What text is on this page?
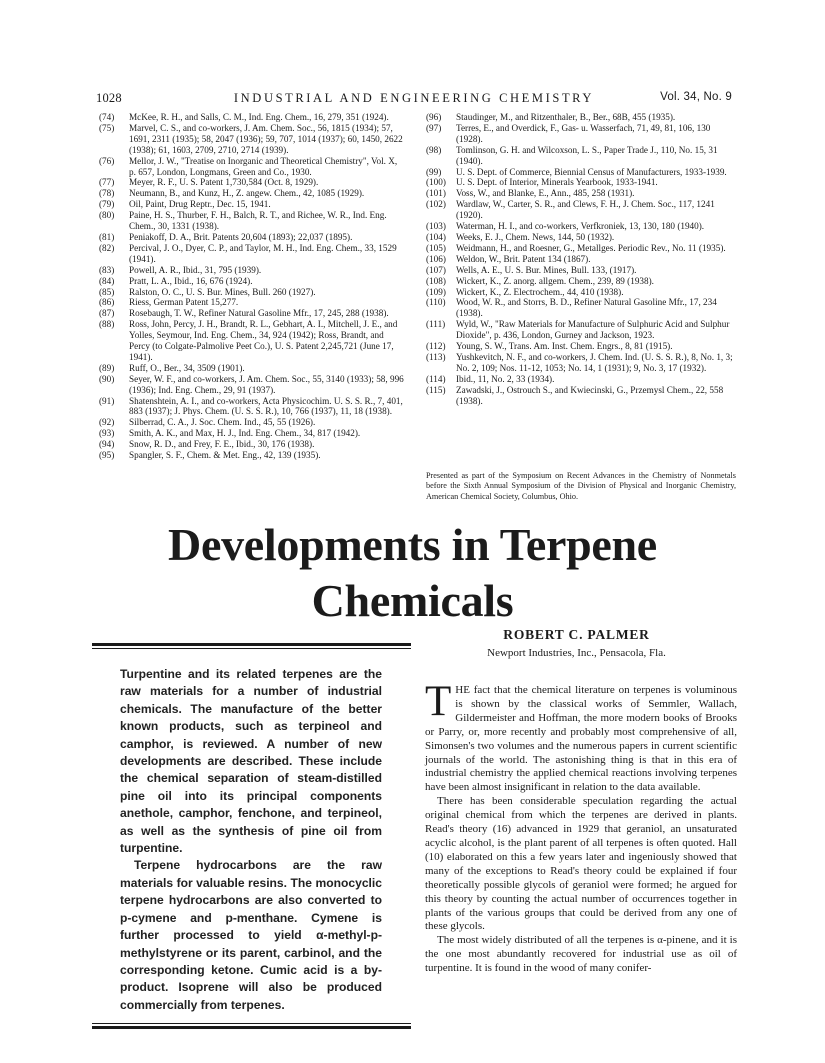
1028	INDUSTRIAL AND ENGINEERING CHEMISTRY	Vol. 34, No. 9

(74) McKee, R. H., and Salls, C. M., Ind. Eng. Chem., 16, 279, 351 (1924).

(75) Marvel, C. S., and co-workers, J. Am. Chem. Soc., 56, 1815 (1934); 57, 1691, 2311 (1935); 58, 2047 (1936); 59, 707, 1014 (1937); 60, 1450, 2622 (1938); 61, 1603, 2709, 2710, 2714 (1939).

(76) Mellor, J. W., "Treatise on Inorganic and Theoretical Chemistry", Vol. X, p. 657, London, Longmans, Green and Co., 1930.

(77) Meyer, R. F., U. S. Patent 1,730,584 (Oct. 8, 1929).

(78) Neumann, B., and Kunz, H., Z. angew. Chem., 42, 1085 (1929).

(79) Oil, Paint, Drug Reptr., Dec. 15, 1941.

(80) Paine, H. S., Thurber, F. H., Balch, R. T., and Richee, W. R., Ind. Eng. Chem., 30, 1331 (1938).

(81) Peniakoff, D. A., Brit. Patents 20,604 (1893); 22,037 (1895).

(82) Percival, J. O., Dyer, C. P., and Taylor, M. H., Ind. Eng. Chem., 33, 1529 (1941).

(83) Powell, A. R., Ibid., 31, 795 (1939).

(84) Pratt, L. A., Ibid., 16, 676 (1924).

(85) Ralston, O. C., U. S. Bur. Mines, Bull. 260 (1927).

(86) Riess, German Patent 15,277.

(87) Rosebaugh, T. W., Refiner Natural Gasoline Mfr., 17, 245, 288 (1938).

(88) Ross, John, Percy, J. H., Brandt, R. L., Gebhart, A. I., Mitchell, J. E., and Yolles, Seymour, Ind. Eng. Chem., 34, 924 (1942); Ross, Brandt, and Percy (to Colgate-Palmolive Peet Co.), U. S. Patent 2,245,721 (June 17, 1941).

(89) Ruff, O., Ber., 34, 3509 (1901).

(90) Seyer, W. F., and co-workers, J. Am. Chem. Soc., 55, 3140 (1933); 58, 996 (1936); Ind. Eng. Chem., 29, 91 (1937).

(91) Shatenshtein, A. I., and co-workers, Acta Physicochim. U. S. S. R., 7, 401, 883 (1937); J. Phys. Chem. (U. S. S. R.), 10, 766 (1937), 11, 18 (1938).

(92) Silberrad, C. A., J. Soc. Chem. Ind., 45, 55 (1926).

(93) Smith, A. K., and Max, H. J., Ind. Eng. Chem., 34, 817 (1942).

(94) Snow, R. D., and Frey, F. E., Ibid., 30, 176 (1938).

(95) Spangler, S. F., Chem. & Met. Eng., 42, 139 (1935).

(96) Staudinger, M., and Ritzenthaler, B., Ber., 68B, 455 (1935).

(97) Terres, E., and Overdick, F., Gas- u. Wasserfach, 71, 49, 81, 106, 130 (1928).

(98) Tomlinson, G. H. and Wilcoxson, L. S., Paper Trade J., 110, No. 15, 31 (1940).

(99) U. S. Dept. of Commerce, Biennial Census of Manufacturers, 1933-1939.

(100) U. S. Dept. of Interior, Minerals Yearbook, 1933-1941.

(101) Voss, W., and Blanke, E., Ann., 485, 258 (1931).

(102) Wardlaw, W., Carter, S. R., and Clews, F. H., J. Chem. Soc., 117, 1241 (1920).

(103) Waterman, H. I., and co-workers, Verfkroniek, 13, 130, 180 (1940).

(104) Weeks, E. J., Chem. News, 144, 50 (1932).

(105) Weidmann, H., and Roesner, G., Metallges. Periodic Rev., No. 11 (1935).

(106) Weldon, W., Brit. Patent 134 (1867).

(107) Wells, A. E., U. S. Bur. Mines, Bull. 133, (1917).

(108) Wickert, K., Z. anorg. allgem. Chem., 239, 89 (1938).

(109) Wickert, K., Z. Electrochem., 44, 410 (1938).

(110) Wood, W. R., and Storrs, B. D., Refiner Natural Gasoline Mfr., 17, 234 (1938).

(111) Wyld, W., "Raw Materials for Manufacture of Sulphuric Acid and Sulphur Dioxide", p. 436, London, Gurney and Jackson, 1923.

(112) Young, S. W., Trans. Am. Inst. Chem. Engrs., 8, 81 (1915).

(113) Yushkevitch, N. F., and co-workers, J. Chem. Ind. (U. S. S. R.), 8, No. 1, 3; No. 2, 109; Nos. 11-12, 1053; No. 14, 1 (1931); 9, No. 3, 17 (1932).

(114) Ibid., 11, No. 2, 33 (1934).

(115) Zawadski, J., Ostrouch S., and Kwiecinski, G., Przemysl Chem., 22, 558 (1938).

Presented as part of the Symposium on Recent Advances in the Chemistry of Nonmetals before the Sixth Annual Symposium of the Division of Physical and Inorganic Chemistry, American Chemical Society, Columbus, Ohio.
Developments in Terpene
Chemicals
ROBERT C. PALMER
Newport Industries, Inc., Pensacola, Fla.

Turpentine and its related terpenes are the raw materials for a number of industrial chemicals. The manufacture of the better known products, such as terpineol and camphor, is reviewed. A number of new developments are described. These include the chemical separation of steam-distilled pine oil into its principal components anethole, camphor, fenchone, and terpineol, as well as the synthesis of pine oil from turpentine.

Terpene hydrocarbons are the raw materials for valuable resins. The monocyclic terpene hydrocarbons are also converted to p-cymene and p-menthane. Cymene is further processed to yield α-methyl-p-methylstyrene or its parent, carbinol, and the corresponding ketone. Cumic acid is a by-product. Isoprene will also be produced commercially from terpenes.

THE fact that the chemical literature on terpenes is voluminous is shown by the classical works of Semmler, Wallach, Gildermeister and Hoffman, the more modern books of Brooks or Parry, or, more recently and probably most comprehensive of all, Simonsen's two volumes and the numerous papers in current scientific journals of the world. The astonishing thing is that in this era of industrial chemistry the applied chemical reactions involving terpenes have been almost insignificant in relation to the data available.

There has been considerable speculation regarding the actual original chemical from which the terpenes are derived in plants. Read's theory (16) advanced in 1929 that geraniol, an unsaturated acyclic alcohol, is the plant parent of all terpenes is often quoted. Hall (10) elaborated on this a few years later and ingeniously showed that many of the exceptions to Read's theory could be explained if four theoretically possible glycols of geraniol were formed; he argued for this theory by counting the actual number of occurrences together in plants of the various groups that could be derived from any one of these glycols.

The most widely distributed of all the terpenes is α-pinene, and it is the one most abundantly recovered for industrial use as oil of turpentine. It is found in the wood of many conifer-
